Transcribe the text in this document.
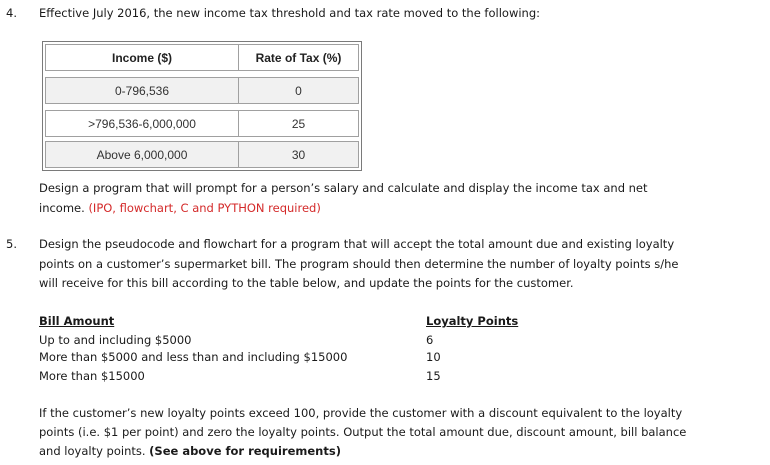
4. Effective July 2016, the new income tax threshold and tax rate moved to the following:
Income ($)	Rate of Tax (%)
0-796,536	0
>796,536-6,000,000	25
Above 6,000,000	30
Design a program that will prompt for a person’s salary and calculate and display the income tax and net
income. (IPO, flowchart, C and PYTHON required)
5. Design the pseudocode and flowchart for a program that will accept the total amount due and existing loyalty
points on a customer’s supermarket bill. The program should then determine the number of loyalty points s/he
will receive for this bill according to the table below, and update the points for the customer.
Bill Amount	Loyalty Points
Up to and including $5000	6
More than $5000 and less than and including $15000	10
More than $15000	15
If the customer’s new loyalty points exceed 100, provide the customer with a discount equivalent to the loyalty
points (i.e. $1 per point) and zero the loyalty points. Output the total amount due, discount amount, bill balance
and loyalty points. (See above for requirements)
